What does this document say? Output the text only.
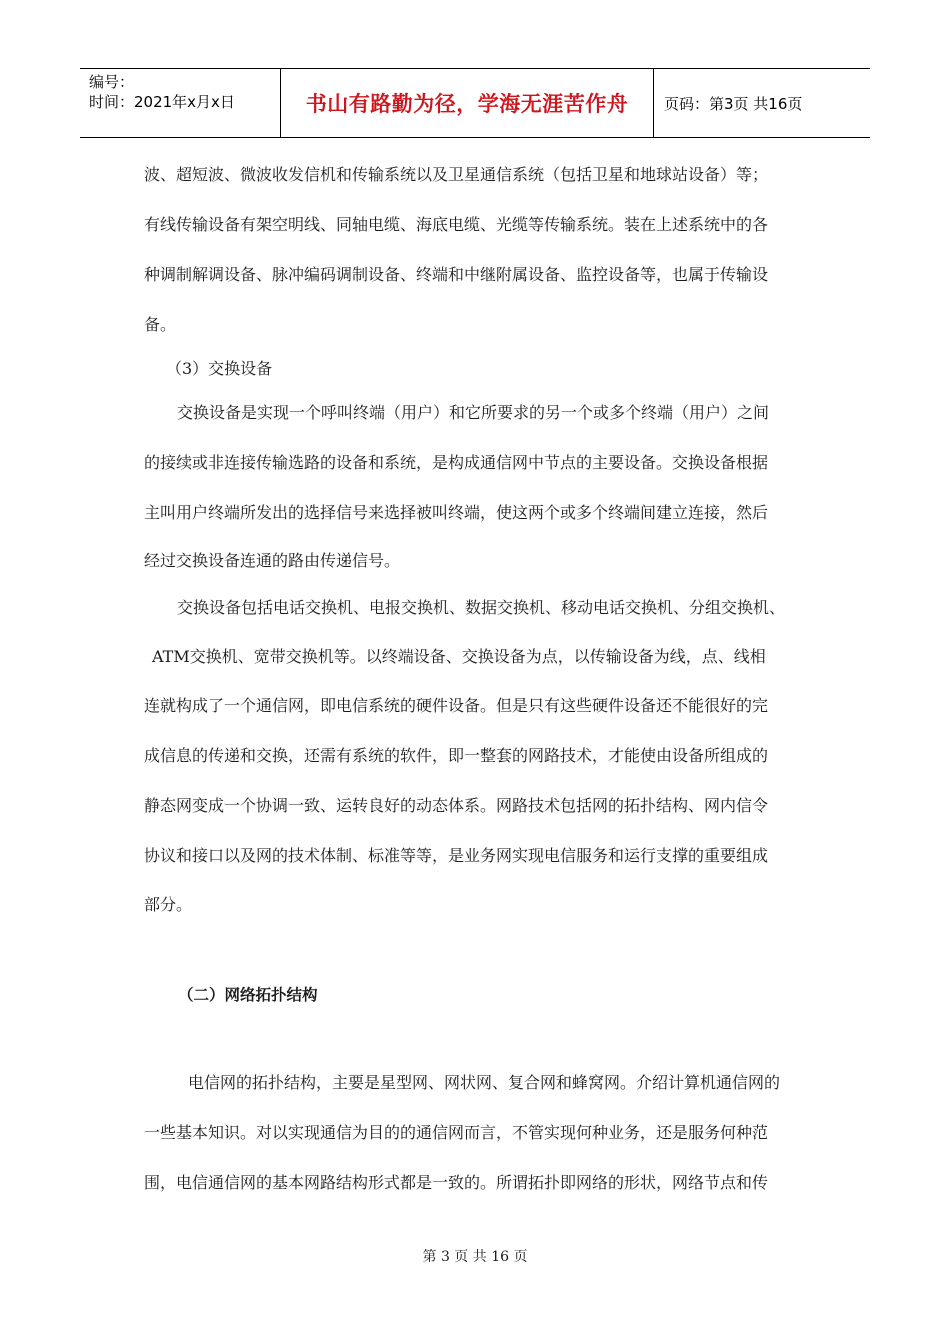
编号：
时间：2021年x月x日	书山有路勤为径，学海无涯苦作舟	页码：第3页 共16页
波、超短波、微波收发信机和传输系统以及卫星通信系统（包括卫星和地球站设备）等；
有线传输设备有架空明线、同轴电缆、海底电缆、光缆等传输系统。装在上述系统中的各
种调制解调设备、脉冲编码调制设备、终端和中继附属设备、监控设备等，也属于传输设
备。
（3）交换设备
交换设备是实现一个呼叫终端（用户）和它所要求的另一个或多个终端（用户）之间
的接续或非连接传输选路的设备和系统，是构成通信网中节点的主要设备。交换设备根据
主叫用户终端所发出的选择信号来选择被叫终端，使这两个或多个终端间建立连接，然后
经过交换设备连通的路由传递信号。
交换设备包括电话交换机、电报交换机、数据交换机、移动电话交换机、分组交换机、
ATM交换机、宽带交换机等。以终端设备、交换设备为点，以传输设备为线，点、线相
连就构成了一个通信网，即电信系统的硬件设备。但是只有这些硬件设备还不能很好的完
成信息的传递和交换，还需有系统的软件，即一整套的网路技术，才能使由设备所组成的
静态网变成一个协调一致、运转良好的动态体系。网路技术包括网的拓扑结构、网内信令
协议和接口以及网的技术体制、标准等等，是业务网实现电信服务和运行支撑的重要组成
部分。
（二）网络拓扑结构
电信网的拓扑结构，主要是星型网、网状网、复合网和蜂窝网。介绍计算机通信网的
一些基本知识。对以实现通信为目的的通信网而言，不管实现何种业务，还是服务何种范
围，电信通信网的基本网路结构形式都是一致的。所谓拓扑即网络的形状，网络节点和传
第 3 页 共 16 页
